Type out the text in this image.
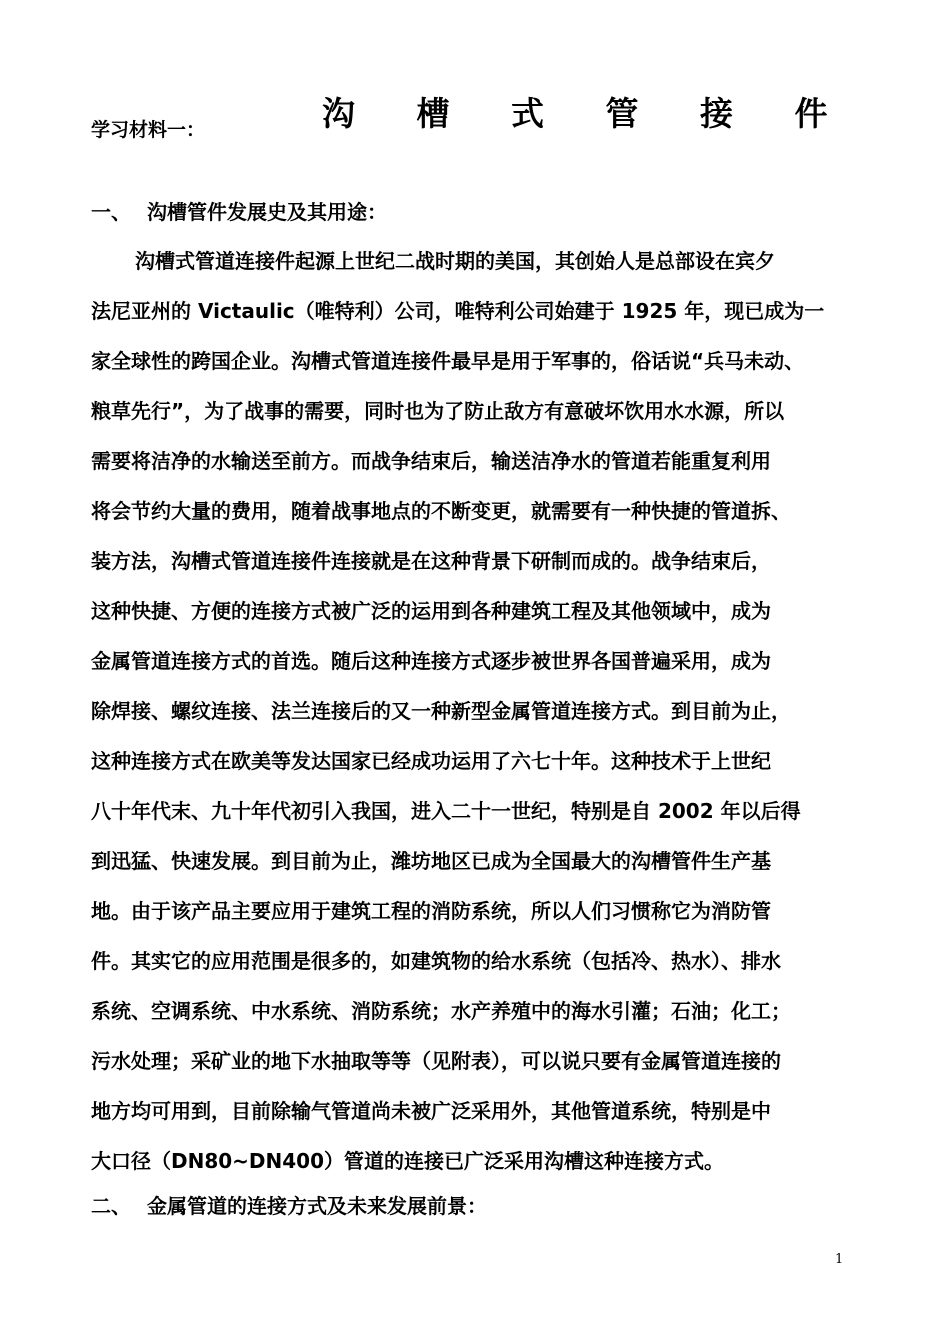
学习材料一：	沟 槽 式 管 接 件
一、 沟槽管件发展史及其用途：
沟槽式管道连接件起源上世纪二战时期的美国，其创始人是总部设在宾夕
法尼亚州的 Victaulic（唯特利）公司，唯特利公司始建于 1925 年，现已成为一
家全球性的跨国企业。沟槽式管道连接件最早是用于军事的，俗话说“兵马未动、
粮草先行”，为了战事的需要，同时也为了防止敌方有意破坏饮用水水源，所以
需要将洁净的水输送至前方。而战争结束后，输送洁净水的管道若能重复利用
将会节约大量的费用，随着战事地点的不断变更，就需要有一种快捷的管道拆、
装方法，沟槽式管道连接件连接就是在这种背景下研制而成的。战争结束后，
这种快捷、方便的连接方式被广泛的运用到各种建筑工程及其他领域中，成为
金属管道连接方式的首选。随后这种连接方式逐步被世界各国普遍采用，成为
除焊接、螺纹连接、法兰连接后的又一种新型金属管道连接方式。到目前为止，
这种连接方式在欧美等发达国家已经成功运用了六七十年。这种技术于上世纪
八十年代末、九十年代初引入我国，进入二十一世纪，特别是自 2002 年以后得
到迅猛、快速发展。到目前为止，潍坊地区已成为全国最大的沟槽管件生产基
地。由于该产品主要应用于建筑工程的消防系统，所以人们习惯称它为消防管
件。其实它的应用范围是很多的，如建筑物的给水系统（包括冷、热水）、排水
系统、空调系统、中水系统、消防系统；水产养殖中的海水引灌；石油；化工；
污水处理；采矿业的地下水抽取等等（见附表），可以说只要有金属管道连接的
地方均可用到，目前除输气管道尚未被广泛采用外，其他管道系统，特别是中
大口径（DN80~DN400）管道的连接已广泛采用沟槽这种连接方式。
二、 金属管道的连接方式及未来发展前景：
1
